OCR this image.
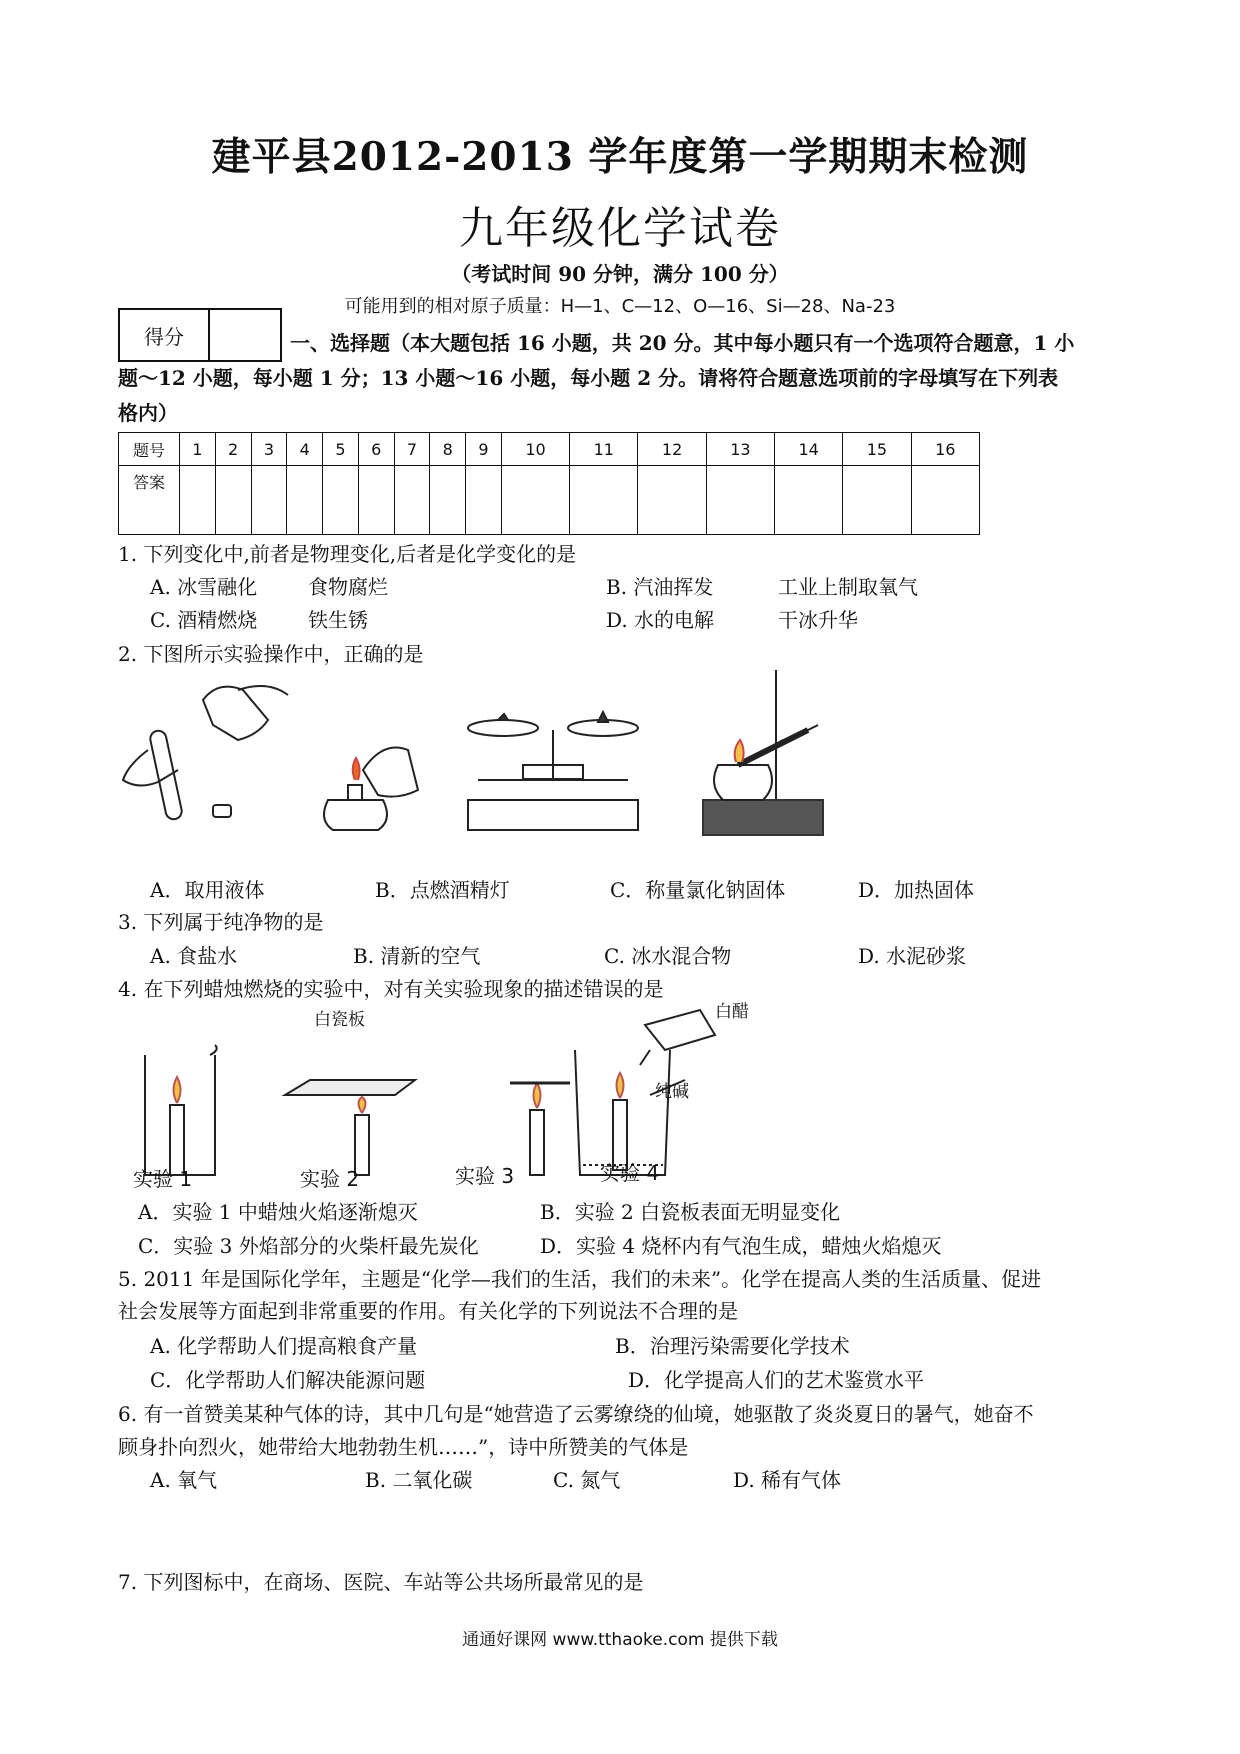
建平县2012-2013 学年度第一学期期末检测
九年级化学试卷
（考试时间 90 分钟，满分 100 分）
可能用到的相对原子质量：H—1、C—12、O—16、Si—28、Na-23
得分	一、选择题（本大题包括 16 小题，共 20 分。其中每小题只有一个选项符合题意，1 小
题～12 小题，每小题 1 分；13 小题～16 小题，每小题 2 分。请将符合题意选项前的字母填写在下列表
格内）
题号	1	2	3	4	5	6	7	8	9	10	11	12	13	14	15	16
答案																
1. 下列变化中,前者是物理变化,后者是化学变化的是
A. 冰雪融化	食物腐烂	B. 汽油挥发	工业上制取氧气
C. 酒精燃烧	铁生锈	D. 水的电解	干冰升华
2. 下图所示实验操作中，正确的是
A．取用液体	B．点燃酒精灯	C．称量氯化钠固体	D．加热固体
3. 下列属于纯净物的是
A. 食盐水	B. 清新的空气	C. 冰水混合物	D. 水泥砂浆
4. 在下列蜡烛燃烧的实验中，对有关实验现象的描述错误的是
白瓷板	白醋
纯碱
实验 1	实验 2	实验 3	实验 4
A．实验 1 中蜡烛火焰逐渐熄灭	B．实验 2 白瓷板表面无明显变化
C．实验 3 外焰部分的火柴杆最先炭化	D．实验 4 烧杯内有气泡生成，蜡烛火焰熄灭
5. 2011 年是国际化学年，主题是“化学—我们的生活，我们的未来”。化学在提高人类的生活质量、促进
社会发展等方面起到非常重要的作用。有关化学的下列说法不合理的是
A. 化学帮助人们提高粮食产量	B．治理污染需要化学技术
C．化学帮助人们解决能源问题	D．化学提高人们的艺术鉴赏水平
6. 有一首赞美某种气体的诗，其中几句是“她营造了云雾缭绕的仙境，她驱散了炎炎夏日的暑气，她奋不
顾身扑向烈火，她带给大地勃勃生机……”，诗中所赞美的气体是
A. 氧气	B. 二氧化碳	C. 氮气	D. 稀有气体
7. 下列图标中，在商场、医院、车站等公共场所最常见的是
通通好课网 www.tthaoke.com 提供下载
